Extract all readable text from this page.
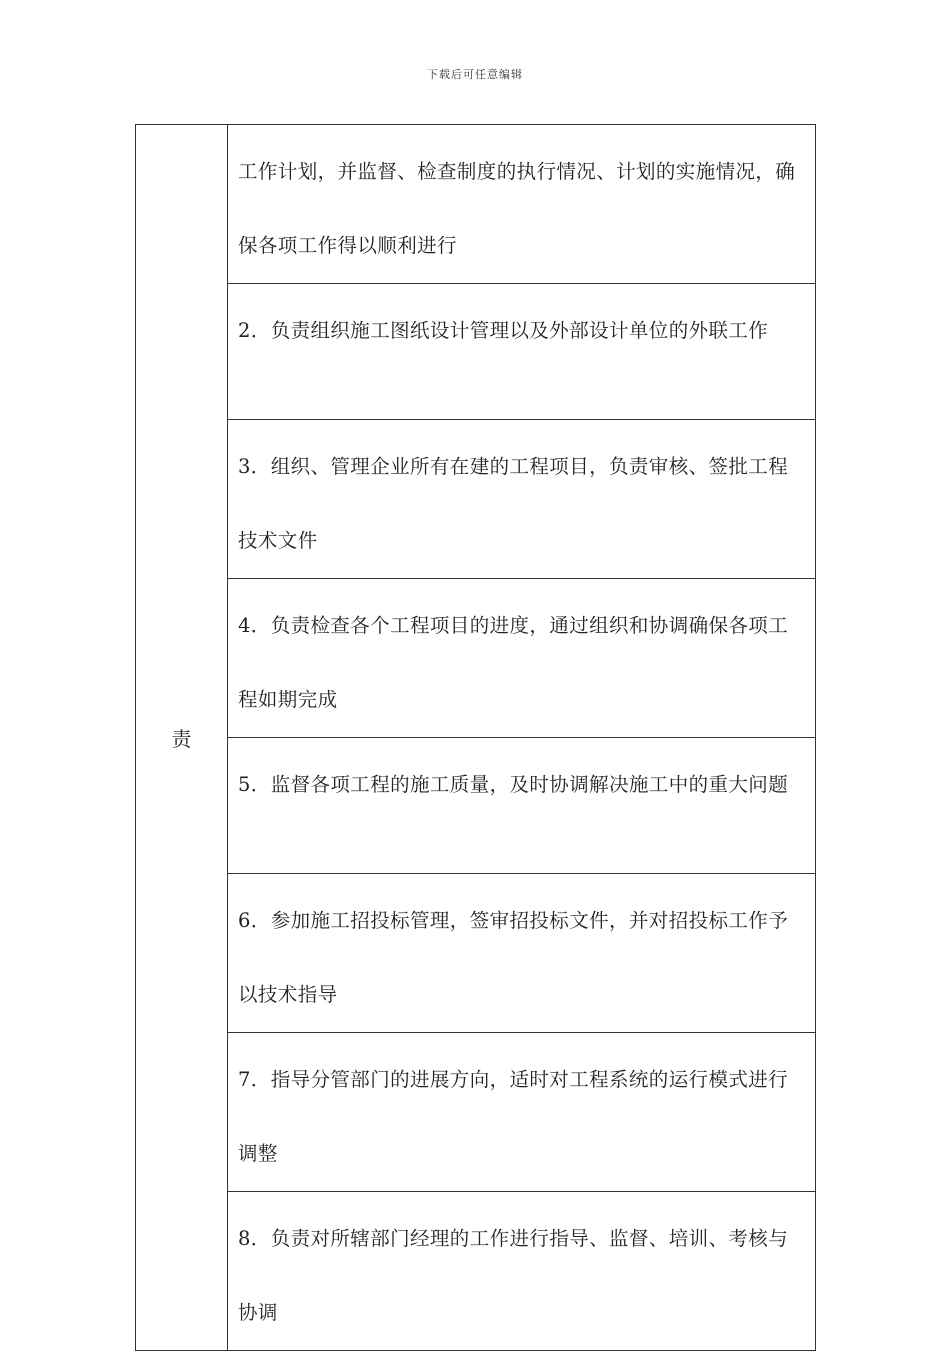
下载后可任意编辑
责	
工作计划，并监督、检查制度的执行情况、计划的实施情况，确保各项工作得以顺利进行

2．负责组织施工图纸设计管理以及外部设计单位的外联工作

3．组织、管理企业所有在建的工程项目，负责审核、签批工程技术文件

4．负责检查各个工程项目的进度，通过组织和协调确保各项工程如期完成

5．监督各项工程的施工质量，及时协调解决施工中的重大问题

6．参加施工招投标管理，签审招投标文件，并对招投标工作予以技术指导

7．指导分管部门的进展方向，适时对工程系统的运行模式进行调整

8．负责对所辖部门经理的工作进行指导、监督、培训、考核与协调
